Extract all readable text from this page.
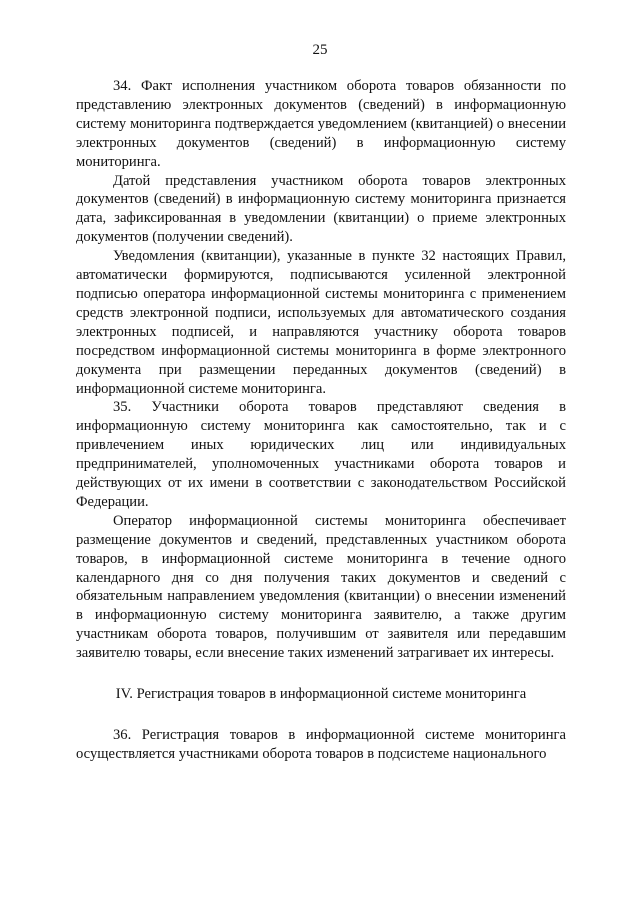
25

34. Факт исполнения участником оборота товаров обязанности по представлению электронных документов (сведений) в информационную систему мониторинга подтверждается уведомлением (квитанцией) о внесении электронных документов (сведений) в информационную систему мониторинга.

Датой представления участником оборота товаров электронных документов (сведений) в информационную систему мониторинга признается дата, зафиксированная в уведомлении (квитанции) о приеме электронных документов (получении сведений).

Уведомления (квитанции), указанные в пункте 32 настоящих Правил, автоматически формируются, подписываются усиленной электронной подписью оператора информационной системы мониторинга с применением средств электронной подписи, используемых для автоматического создания электронных подписей, и направляются участнику оборота товаров посредством информационной системы мониторинга в форме электронного документа при размещении переданных документов (сведений) в информационной системе мониторинга.

35. Участники оборота товаров представляют сведения в информационную систему мониторинга как самостоятельно, так и с привлечением иных юридических лиц или индивидуальных предпринимателей, уполномоченных участниками оборота товаров и действующих от их имени в соответствии с законодательством Российской Федерации.

Оператор информационной системы мониторинга обеспечивает размещение документов и сведений, представленных участником оборота товаров, в информационной системе мониторинга в течение одного календарного дня со дня получения таких документов и сведений с обязательным направлением уведомления (квитанции) о внесении изменений в информационную систему мониторинга заявителю, а также другим участникам оборота товаров, получившим от заявителя или передавшим заявителю товары, если внесение таких изменений затрагивает их интересы.

IV. Регистрация товаров в информационной системе мониторинга

36. Регистрация товаров в информационной системе мониторинга осуществляется участниками оборота товаров в подсистеме национального
